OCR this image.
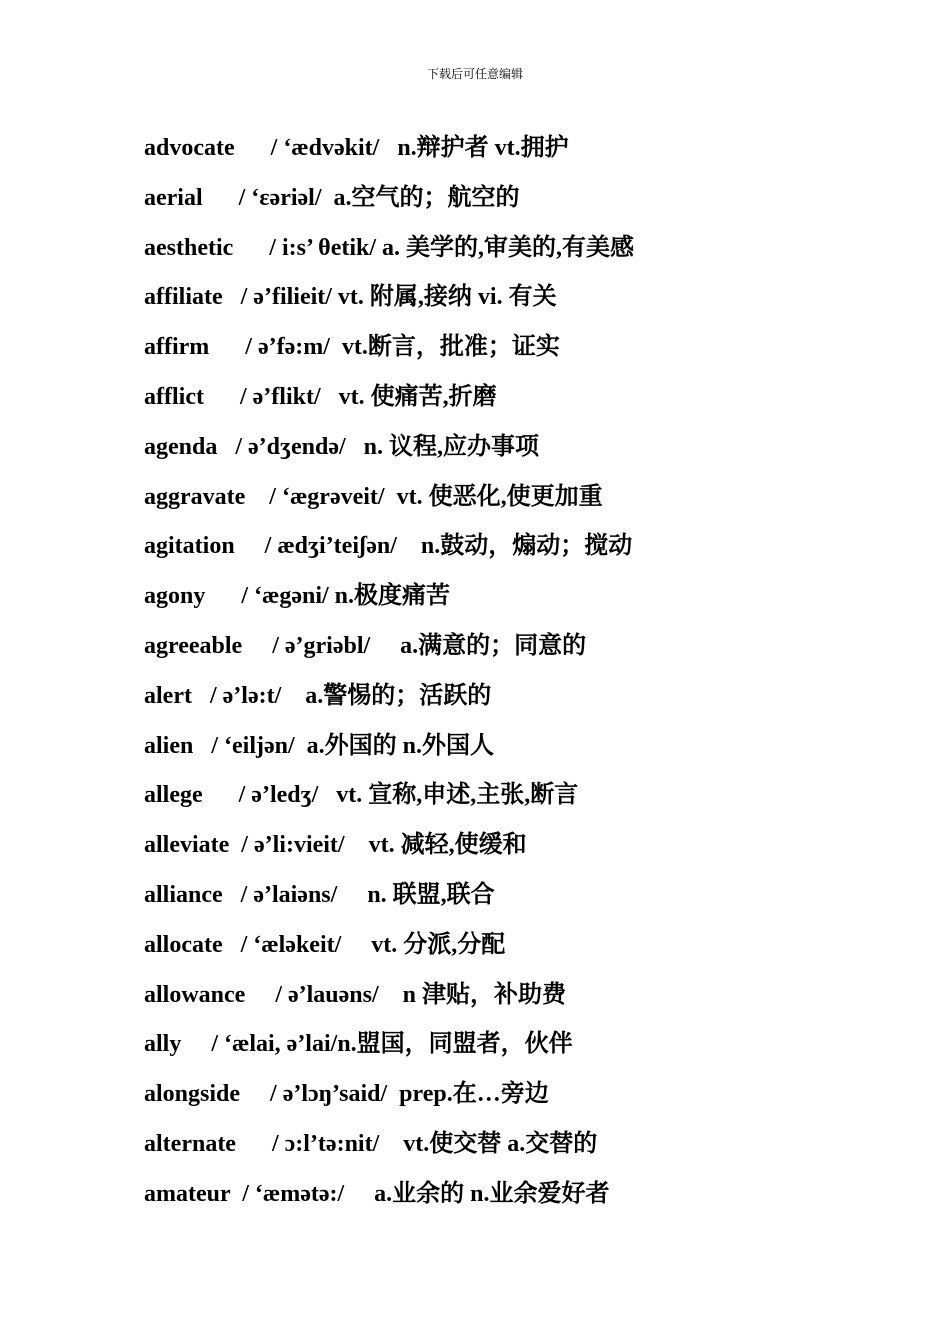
下载后可任意编辑
advocate      / ‘ædvəkit/   n.辩护者 vt.拥护
aerial      / ‘εəriəl/  a.空气的；航空的
aesthetic      / i:s’ θetik/ a. 美学的,审美的,有美感
affiliate   / ə’filieit/ vt. 附属,接纳 vi. 有关
affirm      / ə’fə:m/  vt.断言，批准；证实
afflict      / ə’flikt/   vt. 使痛苦,折磨
agenda   / ə’dʒendə/   n. 议程,应办事项
aggravate    / ‘ægrəveit/  vt. 使恶化,使更加重
agitation     / ædʒi’teiʃən/    n.鼓动，煽动；搅动
agony      / ‘ægəni/ n.极度痛苦
agreeable     / ə’griəbl/     a.满意的；同意的
alert   / ə’lə:t/    a.警惕的；活跃的
alien   / ‘eiljən/  a.外国的 n.外国人
allege      / ə’ledʒ/   vt. 宣称,申述,主张,断言
alleviate  / ə’li:vieit/    vt. 减轻,使缓和
alliance   / ə’laiəns/     n. 联盟,联合
allocate   / ‘æləkeit/     vt. 分派,分配
allowance     / ə’lauəns/    n 津贴，补助费
ally     / ‘ælai, ə’lai/n.盟国，同盟者，伙伴
alongside     / ə’lɔŋ’said/  prep.在…旁边
alternate      / ɔ:l’tə:nit/    vt.使交替 a.交替的
amateur  / ‘æmətə:/     a.业余的 n.业余爱好者
